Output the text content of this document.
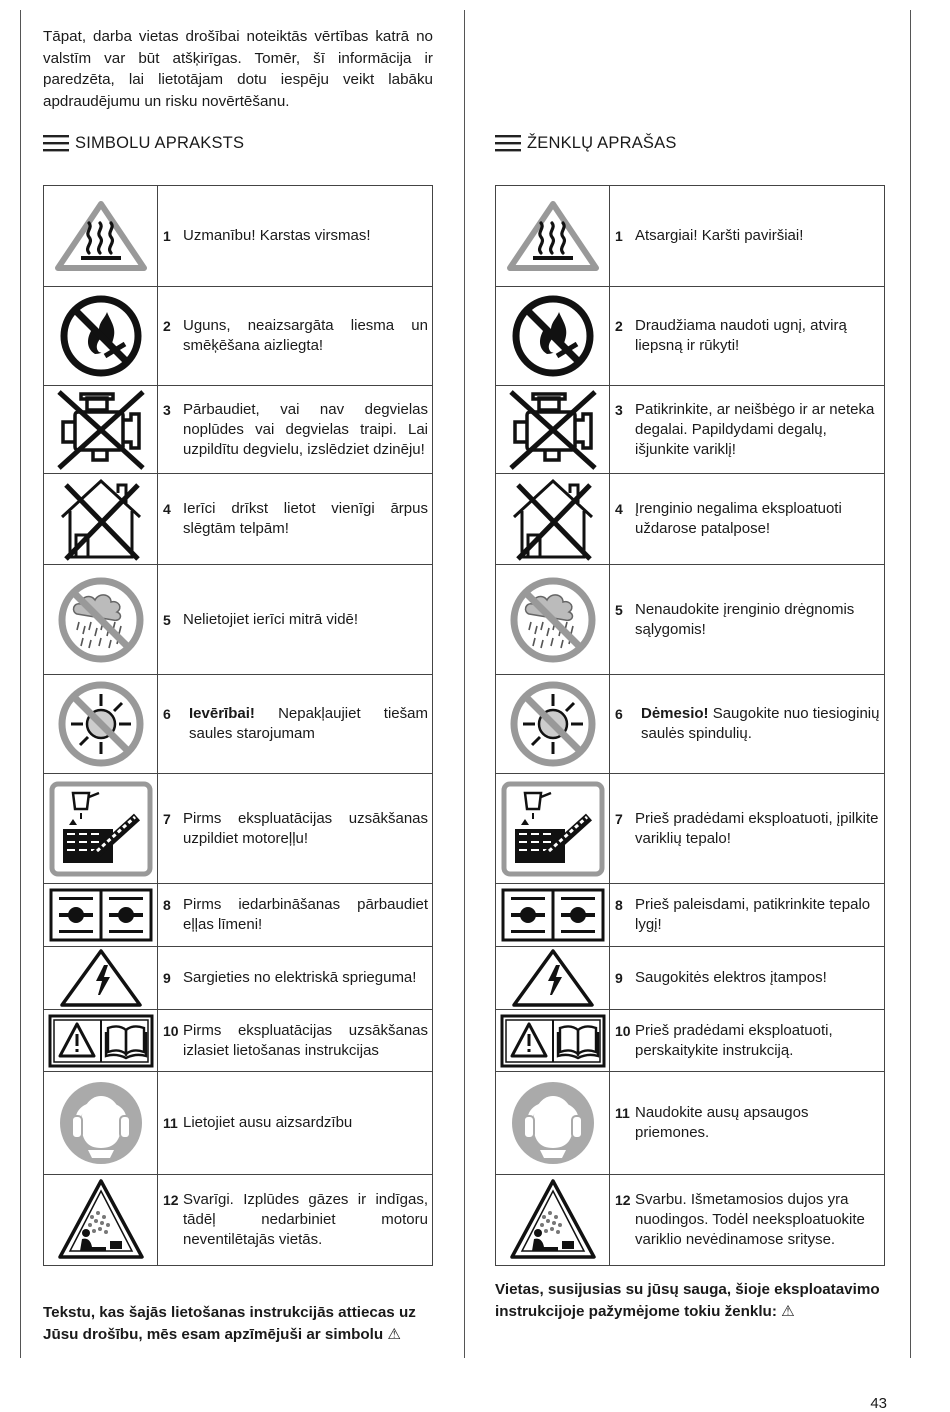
Tāpat, darba vietas drošībai noteiktās vērtības katrā no valstīm var būt atšķirīgas. Tomēr, šī informācija ir paredzēta, lai lietotājam dotu iespēju veikt labāku apdraudējumu un risku novērtēšanu.
SIMBOLU APRAKSTS

1 Uzmanību! Karstas virsmas!

2 Uguns, neaizsargāta liesma un smēķēšana aizliegta!

3 Pārbaudiet, vai nav degvielas noplūdes vai degvielas traipi. Lai uzpildītu degvielu, izslēdziet dzinēju!

4 Ierīci drīkst lietot vienīgi ārpus slēgtām telpām!

5 Nelietojiet ierīci mitrā vidē!

6 Ievērībai! Nepakļaujiet tiešam saules starojumam

7 Pirms ekspluatācijas uzsākšanas uzpildiet motoreļļu!

8 Pirms iedarbināšanas pārbaudiet eļļas līmeni!

9 Sargieties no elektriskā sprieguma!

10 Pirms ekspluatācijas uzsākšanas izlasiet lietošanas instrukcijas

11 Lietojiet ausu aizsardzību

12 Svarīgi. Izplūdes gāzes ir indīgas, tādēļ nedarbiniet motoru neventilētajās vietās.
Tekstu, kas šajās lietošanas instrukcijās attiecas uz Jūsu drošību, mēs esam apzīmējuši ar simbolu ⚠
ŽENKLŲ APRAŠAS

1 Atsargiai! Karšti paviršiai!

2 Draudžiama naudoti ugnį, atvirą liepsną ir rūkyti!

3 Patikrinkite, ar neišbėgo ir ar neteka degalai. Papildydami degalų, išjunkite variklį!

4 Įrenginio negalima eksploatuoti uždarose patalpose!

5 Nenaudokite įrenginio drėgnomis sąlygomis!

6 Dėmesio! Saugokite nuo tiesioginių saulės spindulių.

7 Prieš pradėdami eksploatuoti, įpilkite variklių tepalo!

8 Prieš paleisdami, patikrinkite tepalo lygį!

9 Saugokitės elektros įtampos!

10 Prieš pradėdami eksploatuoti, perskaitykite instrukciją.

11 Naudokite ausų apsaugos priemones.

12 Svarbu. Išmetamosios dujos yra nuodingos. Todėl neeksploatuokite variklio nevėdinamose srityse.
Vietas, susijusias su jūsų sauga, šioje eksploatavimo instrukcijoje pažymėjome tokiu ženklu: ⚠
43
